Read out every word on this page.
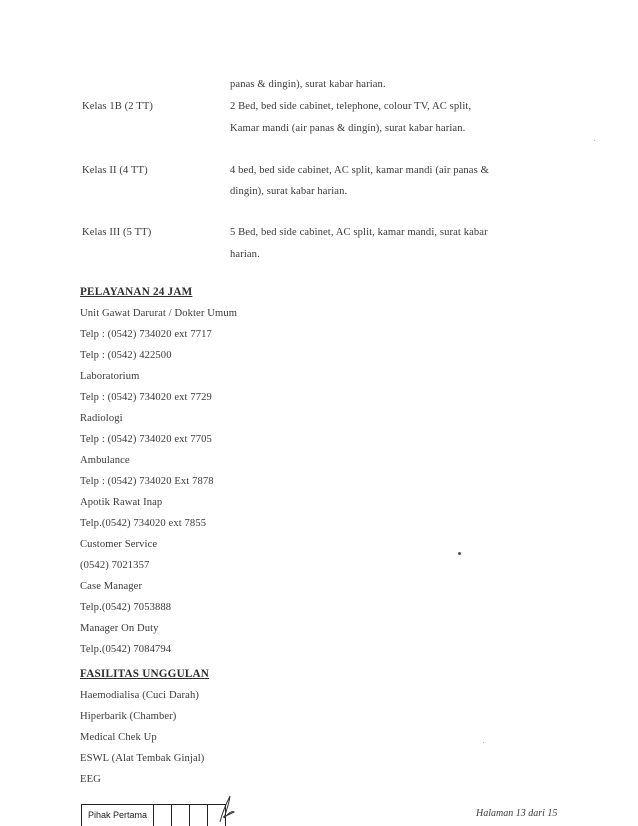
panas & dingin), surat kabar harian.
Kelas 1B (2 TT)	2 Bed, bed side cabinet, telephone, colour TV, AC split,
Kamar mandi (air panas & dingin), surat kabar harian.
Kelas II (4 TT)	4 bed, bed side cabinet, AC split, kamar mandi (air panas &
dingin), surat kabar harian.
Kelas III (5 TT)	5 Bed, bed side cabinet, AC split, kamar mandi, surat kabar
harian.
PELAYANAN 24 JAM
Unit Gawat Darurat / Dokter Umum
Telp : (0542) 734020 ext 7717
Telp : (0542) 422500
Laboratorium
Telp : (0542) 734020 ext 7729
Radiologi
Telp : (0542) 734020 ext 7705
Ambulance
Telp : (0542) 734020 Ext 7878
Apotik Rawat Inap
Telp.(0542) 734020 ext 7855
Customer Service
(0542) 7021357
Case Manager
Telp.(0542) 7053888
Manager On Duty
Telp.(0542) 7084794
FASILITAS UNGGULAN
Haemodialisa (Cuci Darah)
Hiperbarik (Chamber)
Medical Chek Up
ESWL (Alat Tembak Ginjal)
EEG
Pihak Pertama	Halaman 13 dari 15
